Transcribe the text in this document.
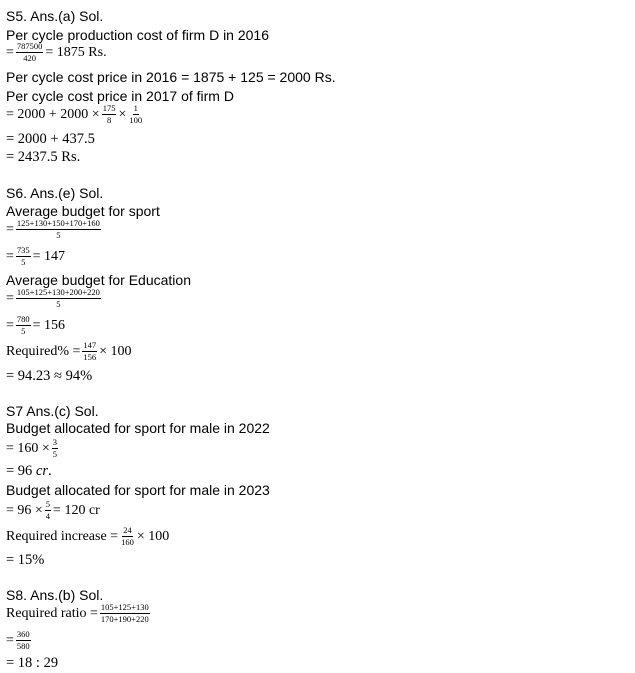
S5. Ans.(a) Sol.
Per cycle production cost of firm D in 2016
= $\frac{787500}{420} = 1875$ Rs.
Per cycle cost price in 2016 = 1875 + 125 = 2000 Rs.
Per cycle cost price in 2017 of firm D
= $2000 + 2000 \times \frac{175}{8} \times \frac{1}{100}$
= 2000 + 437.5
= 2437.5 Rs.
S6. Ans.(e) Sol.
Average budget for sport
= $\frac{125+130+150+170+160}{5}$
= $\frac{735}{5} = 147$
Average budget for Education
= $\frac{105+125+130+200+220}{5}$
= $\frac{780}{5} = 156$
Required% = $\frac{147}{156} \times 100$
= 94.23 ≈ 94%
S7 Ans.(c) Sol.
Budget allocated for sport for male in 2022
= $160 \times \frac{3}{5}$
= 96 cr.
Budget allocated for sport for male in 2023
= $96 \times \frac{5}{4} = 120$ cr
Required increase = $\frac{24}{160} \times 100$
= 15%
S8. Ans.(b) Sol.
Required ratio = $\frac{105+125+130}{170+190+220}$
= $\frac{360}{580}$
= 18 : 29
